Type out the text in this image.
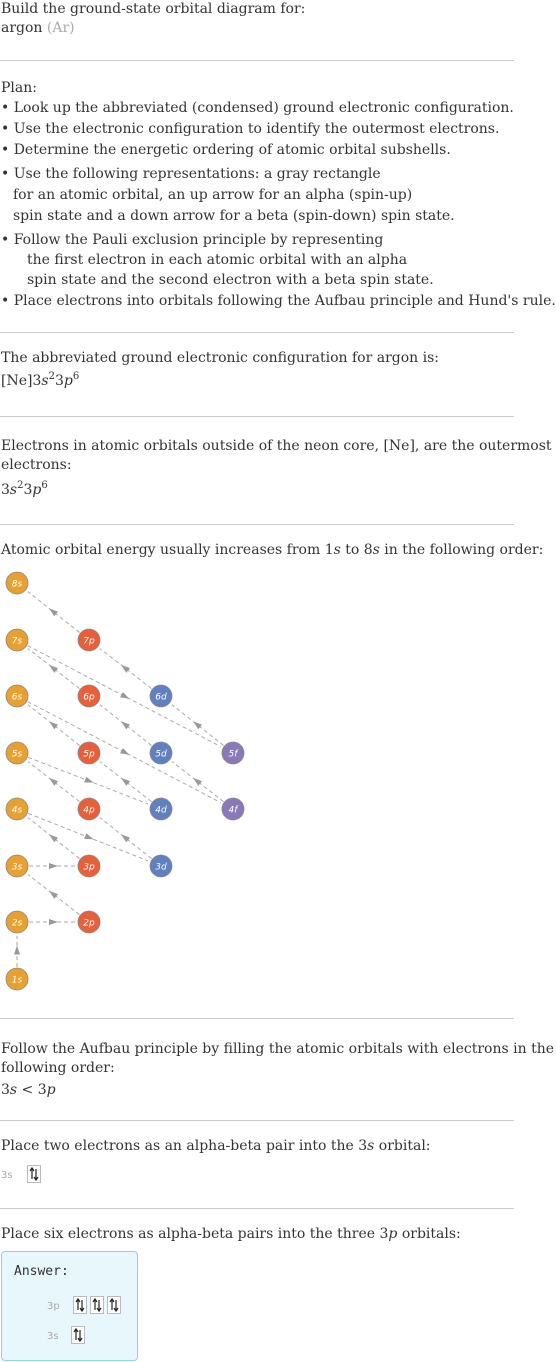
Build the ground-state orbital diagram for:
argon (Ar)
Plan:
• Look up the abbreviated (condensed) ground electronic configuration.
• Use the electronic configuration to identify the outermost electrons.
• Determine the energetic ordering of atomic orbital subshells.
• Use the following representations: a gray rectangle
for an atomic orbital, an up arrow for an alpha (spin-up)
spin state and a down arrow for a beta (spin-down) spin state.
• Follow the Pauli exclusion principle by representing
the first electron in each atomic orbital with an alpha
spin state and the second electron with a beta spin state.
• Place electrons into orbitals following the Aufbau principle and Hund's rule.
The abbreviated ground electronic configuration for argon is:
$[Ne]3s^23p^6$
Electrons in atomic orbitals outside of the neon core, [Ne], are the outermost
electrons:
$3s^23p^6$
Atomic orbital energy usually increases from 1s to 8s in the following order:
8s
7s	7p
6s	6p	6d
5s	5p	5d	5f
4s	4p	4d	4f
3s	3p	3d
2s	2p
1s
Follow the Aufbau principle by filling the atomic orbitals with electrons in the
following order:
3s < 3p
Place two electrons as an alpha-beta pair into the 3s orbital:
3s
Place six electrons as alpha-beta pairs into the three 3p orbitals:
Answer:
3p
3s
